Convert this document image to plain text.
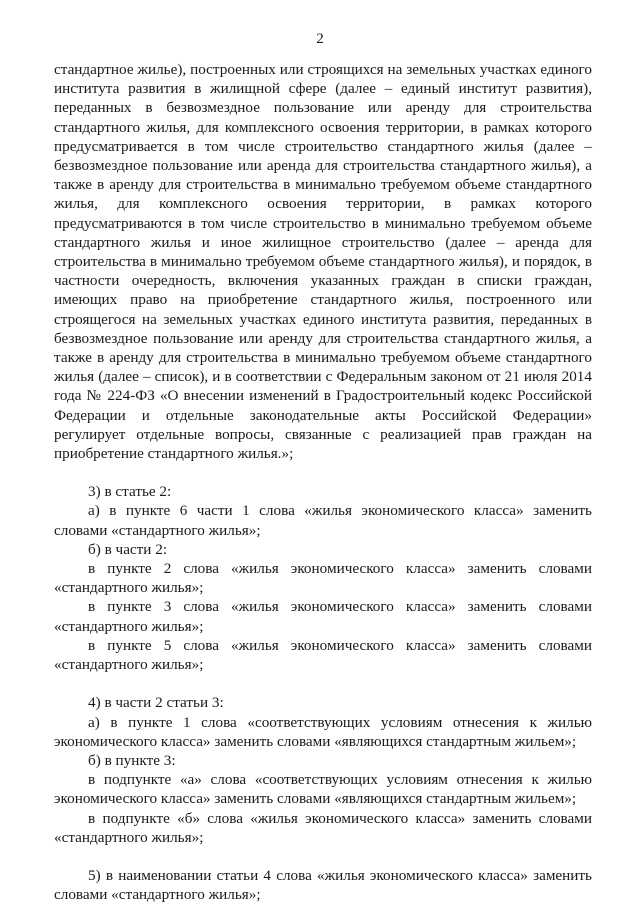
2

стандартное жилье), построенных или строящихся на земельных участках единого института развития в жилищной сфере (далее – единый институт развития), переданных в безвозмездное пользование или аренду для строительства стандартного жилья, для комплексного освоения территории, в рамках которого предусматривается в том числе строительство стандартного жилья (далее – безвозмездное пользование или аренда для строительства стандартного жилья), а также в аренду для строительства в минимально требуемом объеме стандартного жилья, для комплексного освоения территории, в рамках которого предусматриваются в том числе строительство в минимально требуемом объеме стандартного жилья и иное жилищное строительство (далее – аренда для строительства в минимально требуемом объеме стандартного жилья), и порядок, в частности очередность, включения указанных граждан в списки граждан, имеющих право на приобретение стандартного жилья, построенного или строящегося на земельных участках единого института развития, переданных в безвозмездное пользование или аренду для строительства стандартного жилья, а также в аренду для строительства в минимально требуемом объеме стандартного жилья (далее – список), и в соответствии с Федеральным законом от 21 июля 2014 года № 224-ФЗ «О внесении изменений в Градостроительный кодекс Российской Федерации и отдельные законодательные акты Российской Федерации» регулирует отдельные вопросы, связанные с реализацией прав граждан на приобретение стандартного жилья.»;

3) в статье 2:

а) в пункте 6 части 1 слова «жилья экономического класса» заменить словами «стандартного жилья»;

б) в части 2:

в пункте 2 слова «жилья экономического класса» заменить словами «стандартного жилья»;

в пункте 3 слова «жилья экономического класса» заменить словами «стандартного жилья»;

в пункте 5 слова «жилья экономического класса» заменить словами «стандартного жилья»;

4) в части 2 статьи 3:

а) в пункте 1 слова «соответствующих условиям отнесения к жилью экономического класса» заменить словами «являющихся стандартным жильем»;

б) в пункте 3:

в подпункте «а» слова «соответствующих условиям отнесения к жилью экономического класса» заменить словами «являющихся стандартным жильем»;

в подпункте «б» слова «жилья экономического класса» заменить словами «стандартного жилья»;

5) в наименовании статьи 4 слова «жилья экономического класса» заменить словами «стандартного жилья»;
